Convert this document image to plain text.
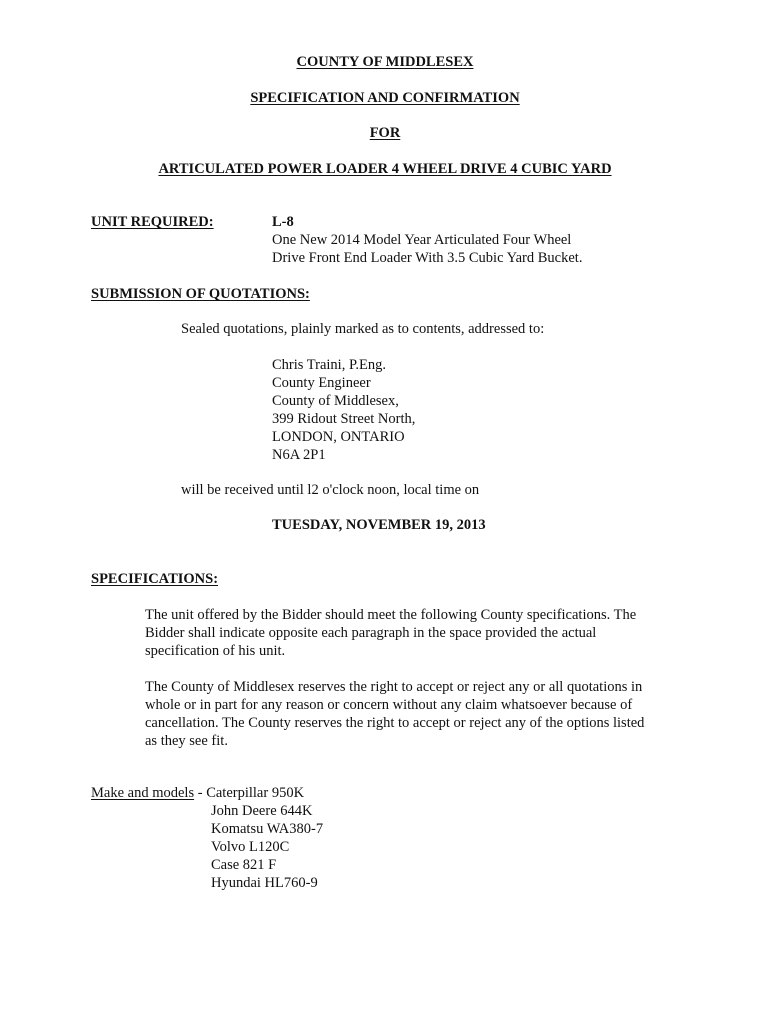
COUNTY OF MIDDLESEX
SPECIFICATION AND CONFIRMATION
FOR
ARTICULATED POWER LOADER 4 WHEEL DRIVE 4 CUBIC YARD
UNIT REQUIRED:	L-8
One New 2014 Model Year Articulated Four Wheel
Drive Front End Loader With 3.5 Cubic Yard Bucket.
SUBMISSION OF QUOTATIONS:
Sealed quotations, plainly marked as to contents, addressed to:
Chris Traini, P.Eng.
County Engineer
County of Middlesex,
399 Ridout Street North,
LONDON, ONTARIO
N6A 2P1
will be received until l2 o'clock noon, local time on
TUESDAY, NOVEMBER 19, 2013
SPECIFICATIONS:
The unit offered by the Bidder should meet the following County specifications. The
Bidder shall indicate opposite each paragraph in the space provided the actual
specification of his unit.
The County of Middlesex reserves the right to accept or reject any or all quotations in
whole or in part for any reason or concern without any claim whatsoever because of
cancellation. The County reserves the right to accept or reject any of the options listed
as they see fit.
Make and models - Caterpillar 950K
John Deere 644K
Komatsu WA380-7
Volvo L120C
Case 821 F
Hyundai HL760-9
